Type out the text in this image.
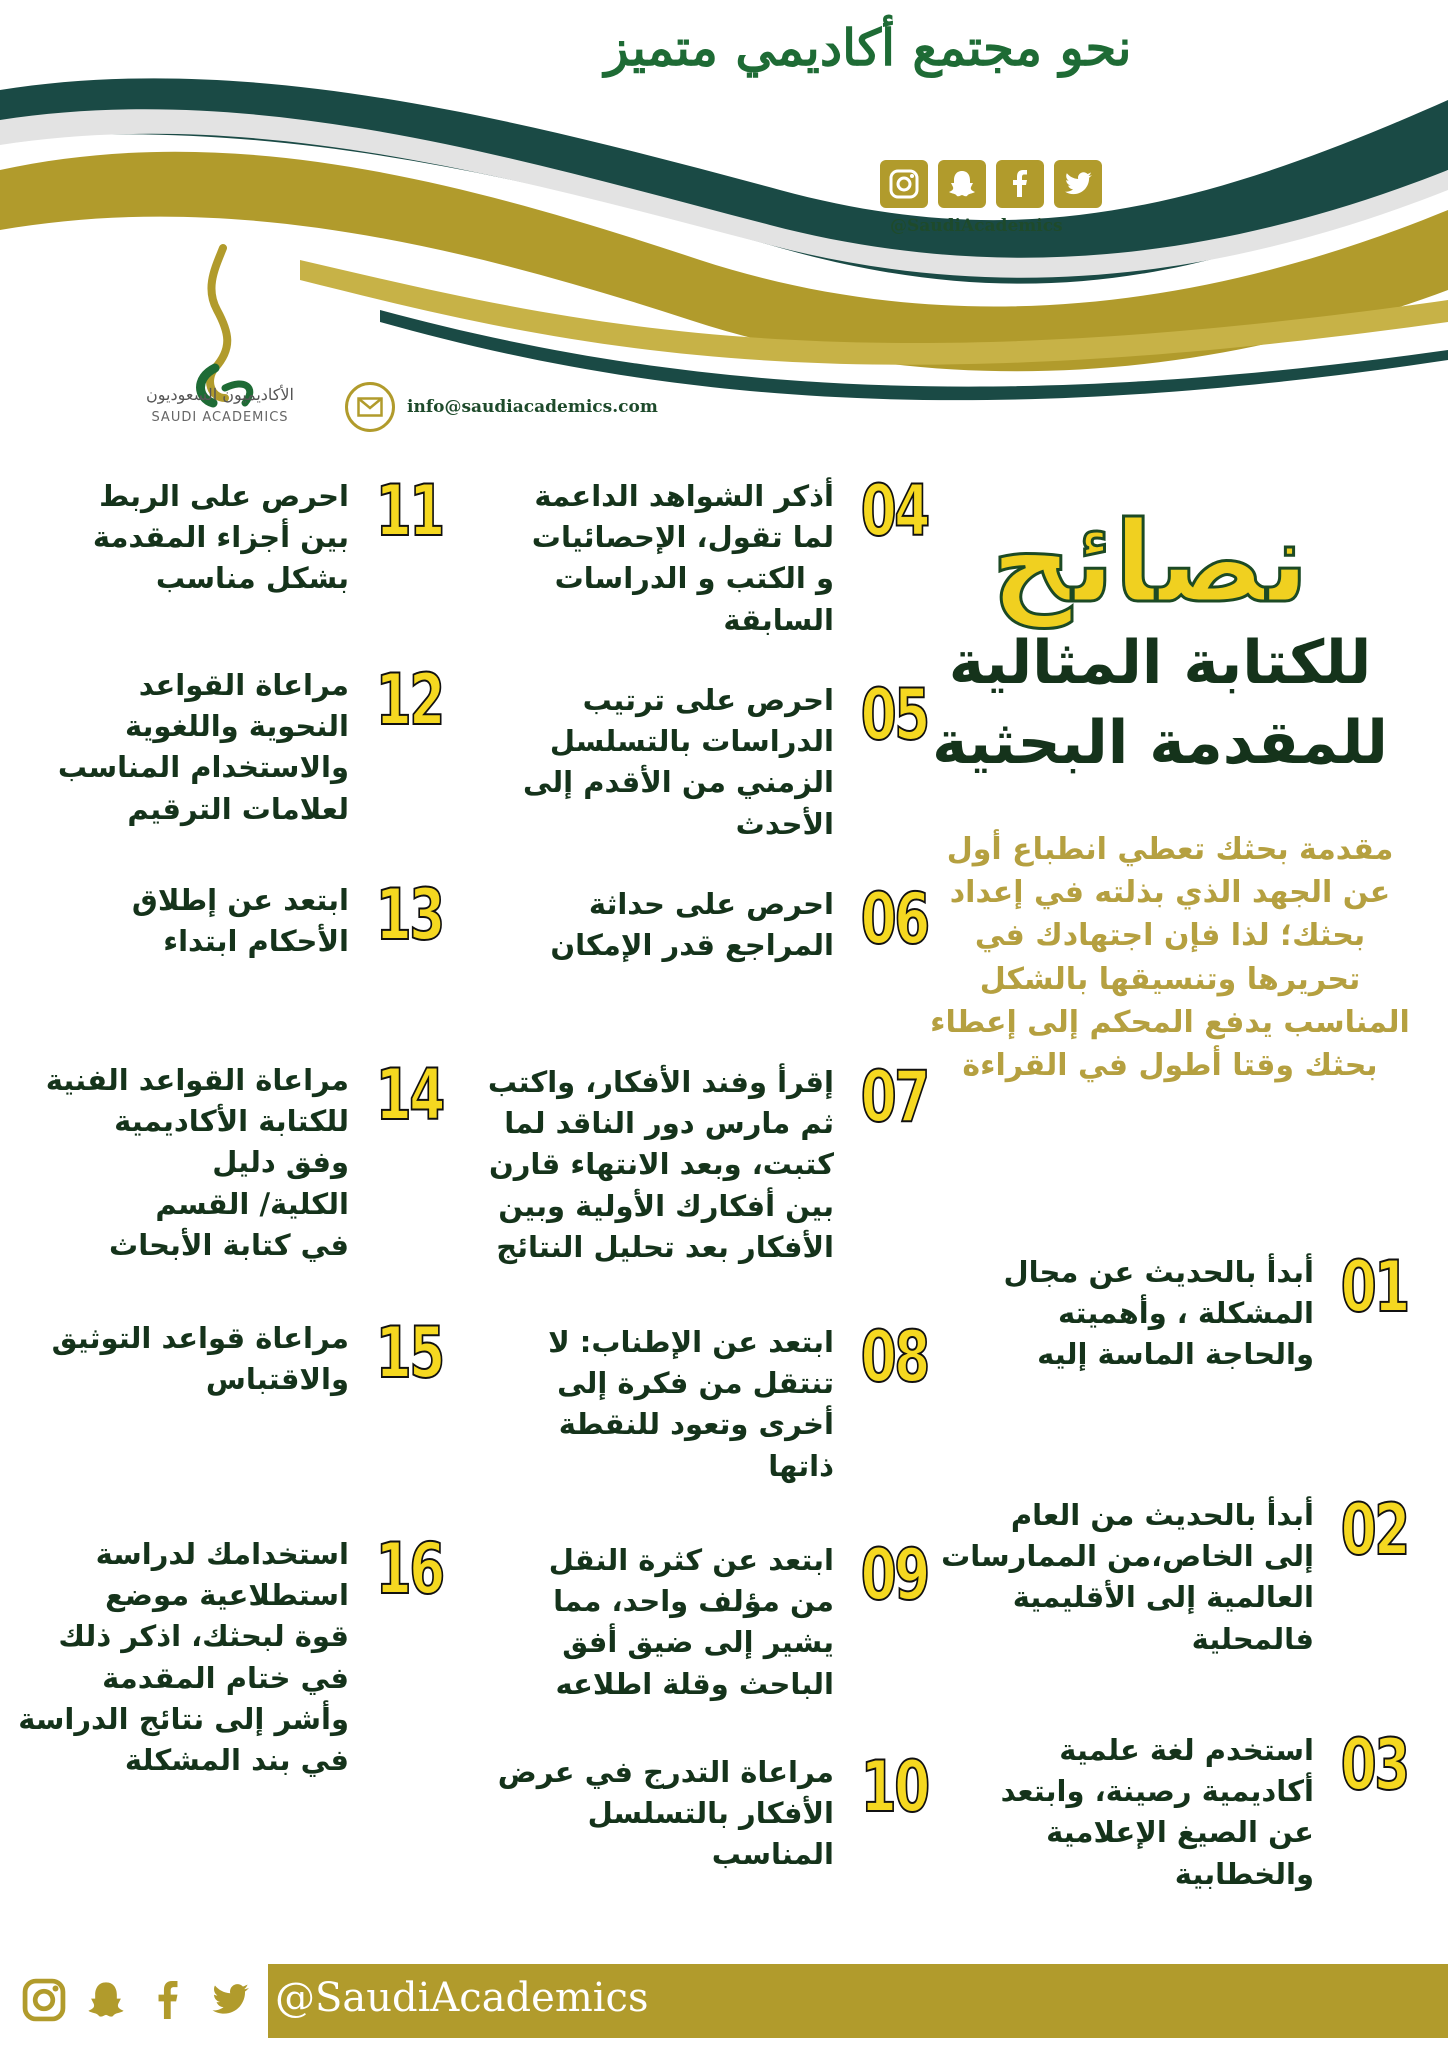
نحو مجتمع أكاديمي متميز
@SaudiAcademics
الأكاديميون السعوديون
SAUDI ACADEMICS
info@saudiacademics.com
نصائح
للكتابة المثالية
للمقدمة البحثية
مقدمة بحثك تعطي انطباع أول عن الجهد الذي بذلته في إعداد بحثك؛ لذا فإن اجتهادك في تحريرها وتنسيقها بالشكل المناسب يدفع المحكم إلى إعطاء بحثك وقتا أطول في القراءة
01
أبدأ بالحديث عن مجال
المشكلة ، وأهميته
والحاجة الماسة إليه
02
أبدأ بالحديث من العام
إلى الخاص،من الممارسات
العالمية إلى الأقليمية
فالمحلية
03
استخدم لغة علمية
أكاديمية رصينة، وابتعد
عن الصيغ الإعلامية
والخطابية
04
أذكر الشواهد الداعمة
لما تقول، الإحصائيات
و الكتب و الدراسات
السابقة
05
احرص على ترتيب
الدراسات بالتسلسل
الزمني من الأقدم إلى
الأحدث
06
احرص على حداثة
المراجع قدر الإمكان
07
إقرأ وفند الأفكار، واكتب
ثم مارس دور الناقد لما
كتبت، وبعد الانتهاء قارن
بين أفكارك الأولية وبين
الأفكار بعد تحليل النتائج
08
ابتعد عن الإطناب: لا
تنتقل من فكرة إلى
أخرى وتعود للنقطة
ذاتها
09
ابتعد عن كثرة النقل
من مؤلف واحد، مما
يشير إلى ضيق أفق
الباحث وقلة اطلاعه
10
مراعاة التدرج في عرض
الأفكار بالتسلسل
المناسب
11
احرص على الربط
بين أجزاء المقدمة
بشكل مناسب
12
مراعاة القواعد
النحوية واللغوية
والاستخدام المناسب
لعلامات الترقيم
13
ابتعد عن إطلاق
الأحكام ابتداء
14
مراعاة القواعد الفنية
للكتابة الأكاديمية
وفق دليل
الكلية/ القسم
في كتابة الأبحاث
15
مراعاة قواعد التوثيق
والاقتباس
16
استخدامك لدراسة
استطلاعية موضع
قوة لبحثك، اذكر ذلك
في ختام المقدمة
وأشر إلى نتائج الدراسة
في بند المشكلة
@SaudiAcademics
